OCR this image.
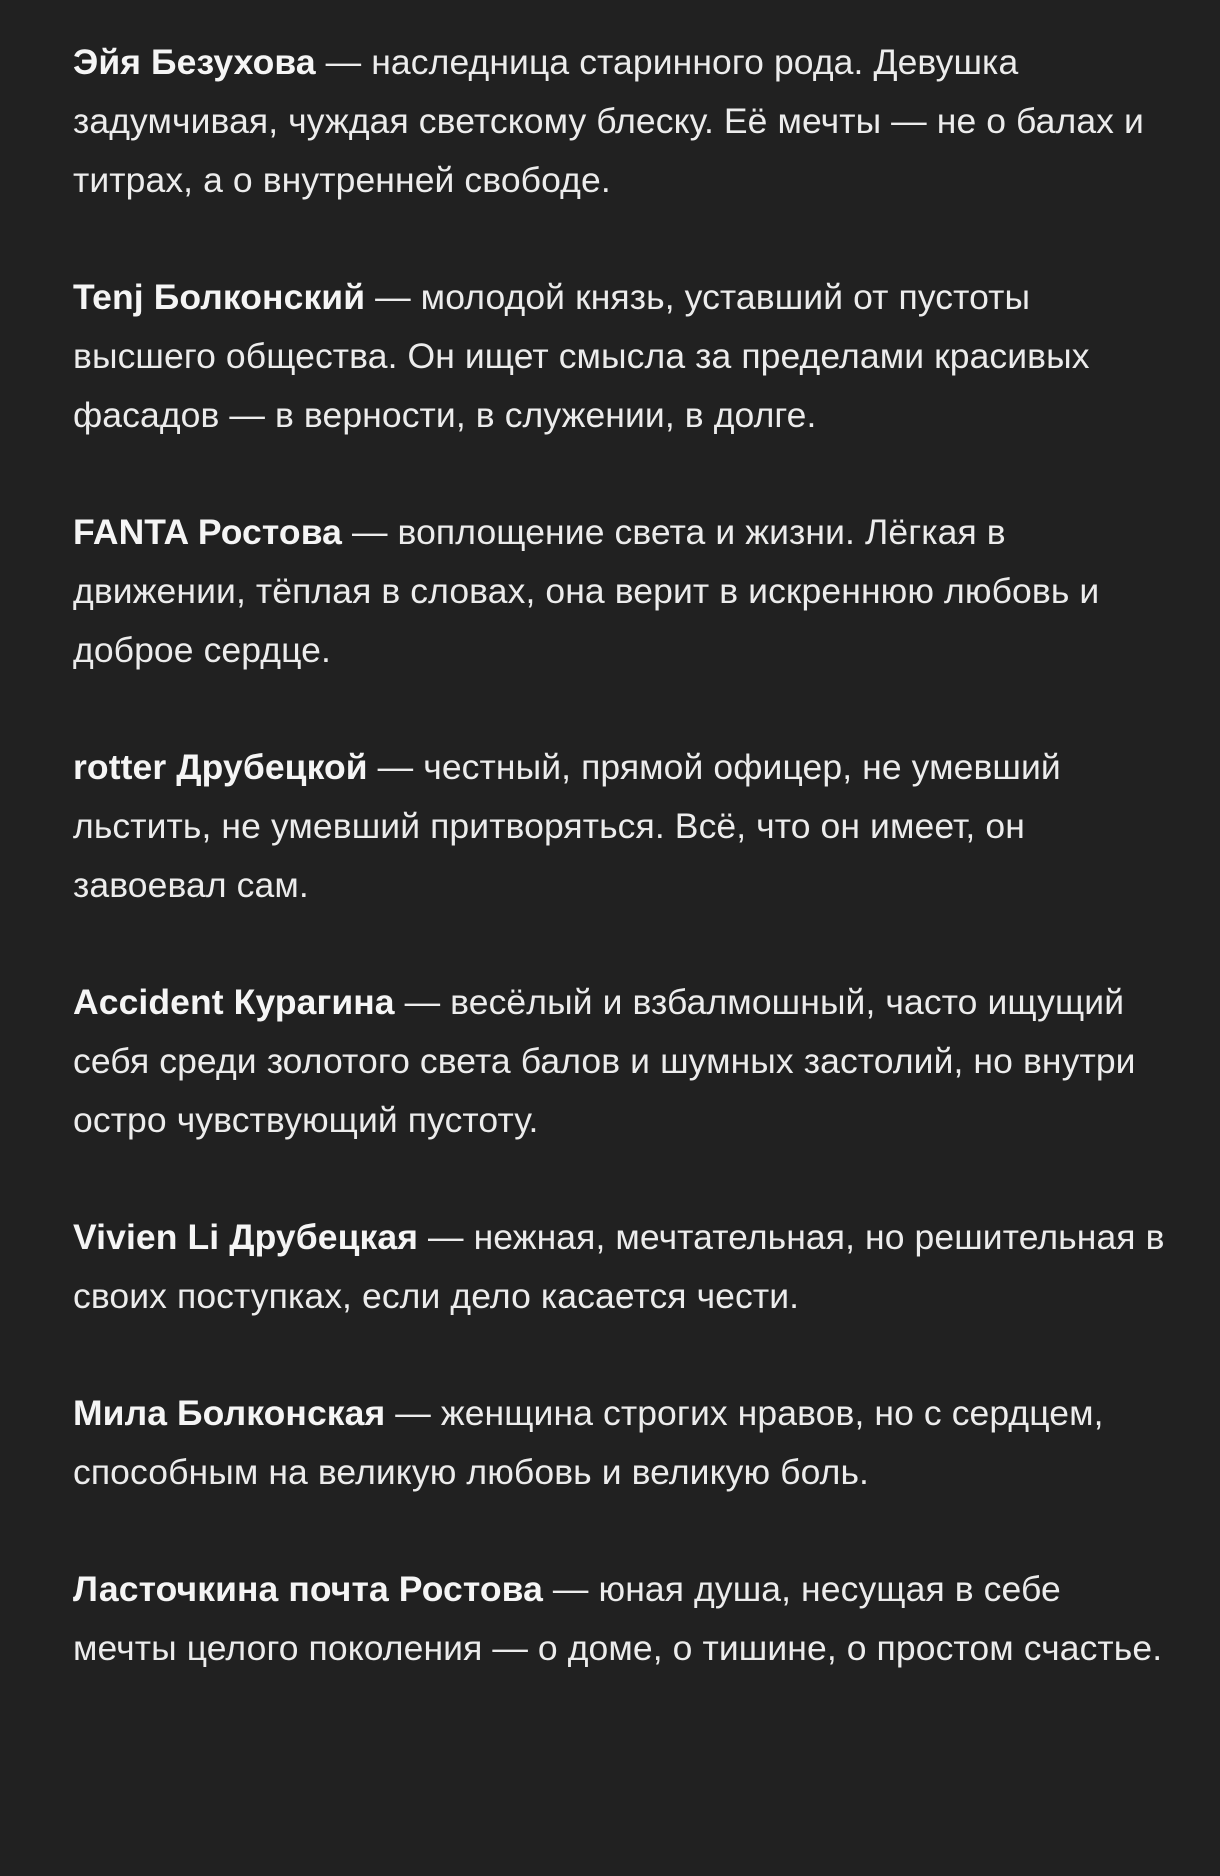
Эйя Безухова — наследница старинного рода. Девушка задумчивая, чуждая светскому блеску. Её мечты — не о балах и титрах, а о внутренней свободе.

Tenj Болконский — молодой князь, уставший от пустоты высшего общества. Он ищет смысла за пределами красивых фасадов — в верности, в служении, в долге.

FANTA Ростова — воплощение света и жизни. Лёгкая в движении, тёплая в словах, она верит в искреннюю любовь и доброе сердце.

rotter Друбецкой — честный, прямой офицер, не умевший льстить, не умевший притворяться. Всё, что он имеет, он завоевал сам.

Accident Курагина — весёлый и взбалмошный, часто ищущий себя среди золотого света балов и шумных застолий, но внутри остро чувствующий пустоту.

Vivien Li Друбецкая — нежная, мечтательная, но решительная в своих поступках, если дело касается чести.

Мила Болконская — женщина строгих нравов, но с сердцем, способным на великую любовь и великую боль.

Ласточкина почта Ростова — юная душа, несущая в себе мечты целого поколения — о доме, о тишине, о простом счастье.
